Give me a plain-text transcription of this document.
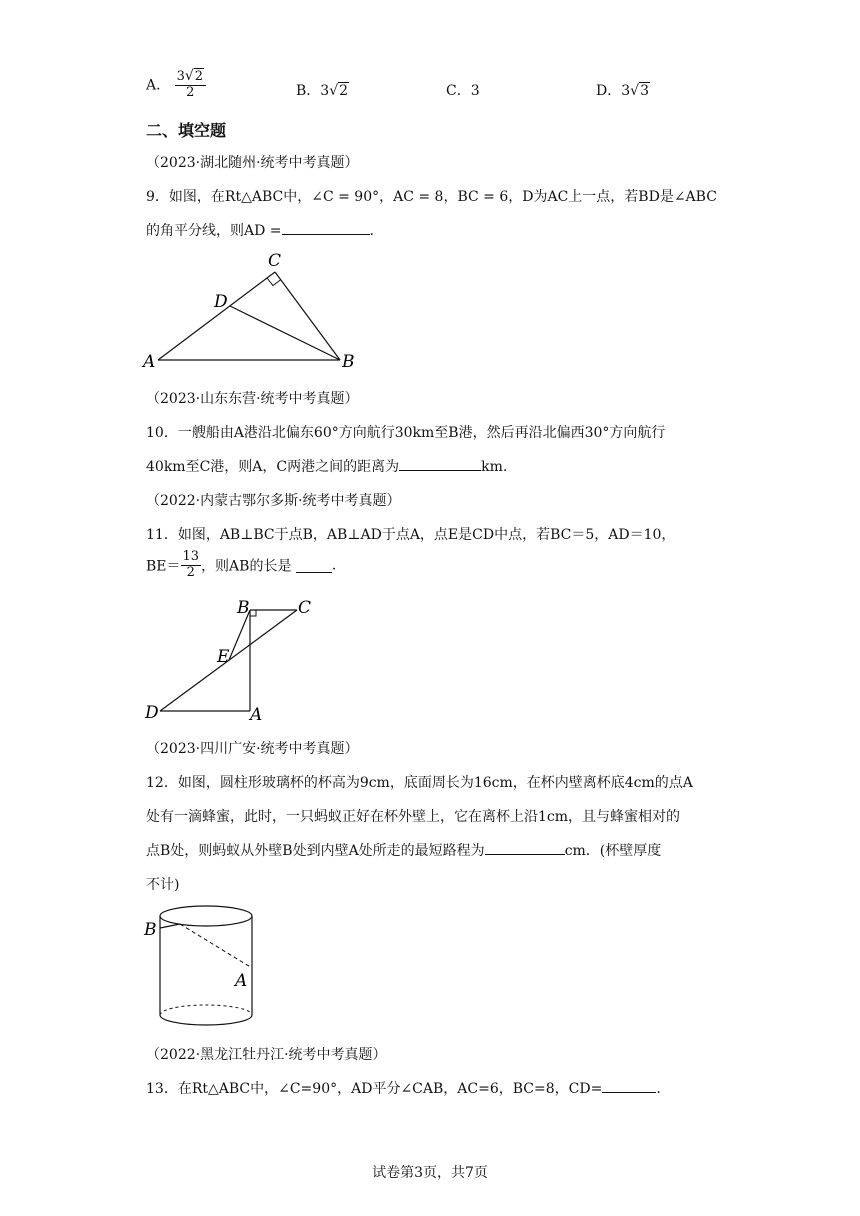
A． $\frac{3√2}{2}$	B．3√2	C．3	D．3√3
二、填空题
（2023·湖北随州·统考中考真题）
9．如图，在Rt△ABC中，∠C = 90°，AC = 8，BC = 6，D为AC上一点，若BD是∠ABC
的角平分线，则AD =	.
A	B
C
D
（2023·山东东营·统考中考真题）
10．一艘船由A港沿北偏东60°方向航行30km至B港，然后再沿北偏西30°方向航行
40km至C港，则A，C两港之间的距离为	km.
（2022·内蒙古鄂尔多斯·统考中考真题）
11．如图，AB⊥BC于点B，AB⊥AD于点A，点E是CD中点，若BC＝5，AD＝10，
$BE= \frac{13}{2}$ ，则AB的长是	.
B	C
E
D	A
（2023·四川广安·统考中考真题）
12．如图，圆柱形玻璃杯的杯高为9cm，底面周长为16cm，在杯内壁离杯底4cm的点A
处有一滴蜂蜜，此时，一只蚂蚁正好在杯外壁上，它在离杯上沿1cm，且与蜂蜜相对的
点B处，则蚂蚁从外壁B处到内壁A处所走的最短路程为	cm．(杯壁厚度
不计)
B
A
（2022·黑龙江牡丹江·统考中考真题）
13．在Rt△ABC中，∠C=90°，AD平分∠CAB，AC=6，BC=8，CD=	.
试卷第3页，共7页
